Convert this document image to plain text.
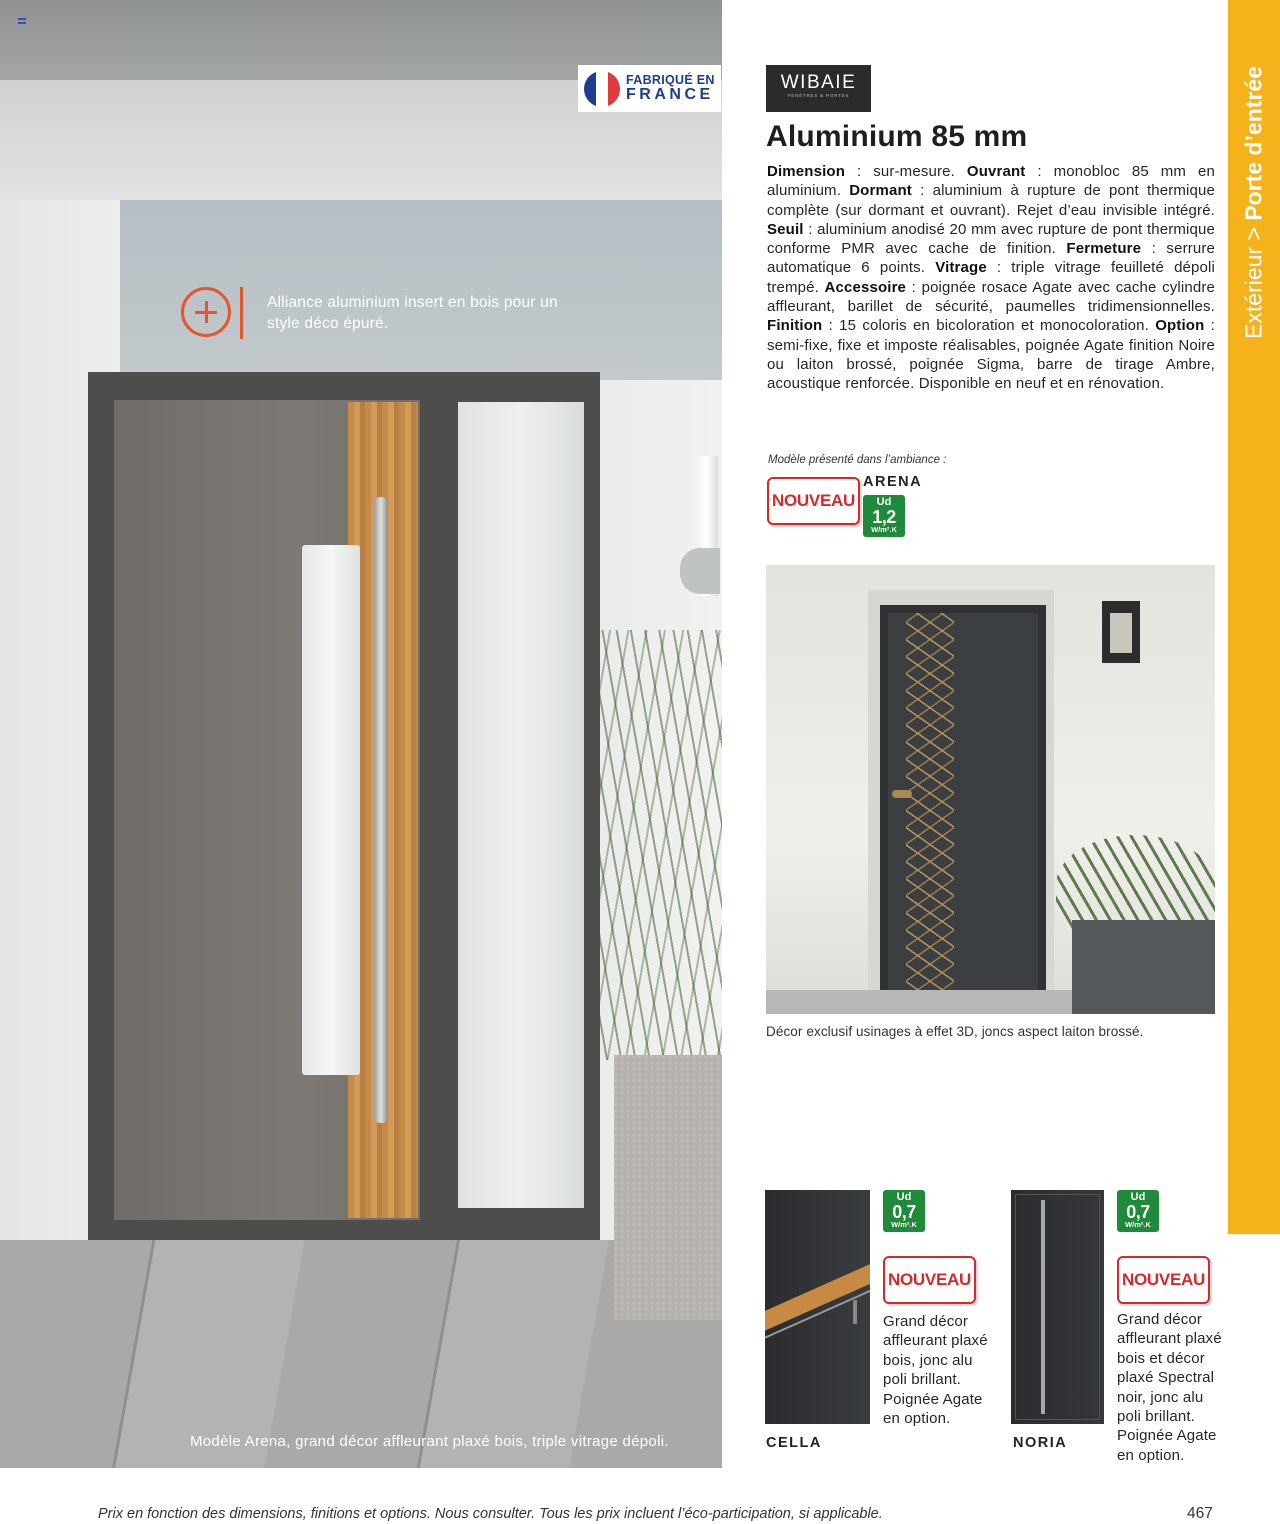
FABRIQUÉ EN
FRANCE
Alliance aluminium insert en bois pour un style déco épuré.
Modèle Arena, grand décor affleurant plaxé bois, triple vitrage dépoli.
WIBAIE
FENÊTRES & PORTES
Aluminium 85 mm
Dimension : sur-mesure. Ouvrant : monobloc 85 mm en aluminium. Dormant : aluminium à rupture de pont thermique complète (sur dormant et ouvrant). Rejet d’eau invisible intégré. Seuil : aluminium anodisé 20 mm avec rupture de pont thermique conforme PMR avec cache de finition. Fermeture : serrure automatique 6 points. Vitrage : triple vitrage feuilleté dépoli trempé. Accessoire : poignée rosace Agate avec cache cylindre affleurant, barillet de sécurité, paumelles tridimensionnelles. Finition : 15 coloris en bicoloration et monocoloration. Option : semi-fixe, fixe et imposte réalisables, poignée Agate finition Noire ou laiton brossé, poignée Sigma, barre de tirage Ambre, acoustique renforcée. Disponible en neuf et en rénovation.
Modèle présenté dans l’ambiance :
NOUVEAU
ARENA
Ud
1,2
W/m².K
Décor exclusif usinages à effet 3D, joncs aspect laiton brossé.
Extérieur > Porte d’entrée
Ud
0,7
W/m².K
NOUVEAU
Grand décor
affleurant plaxé
bois, jonc alu
poli brillant.
Poignée Agate
en option.
CELLA
Ud
0,7
W/m².K
NOUVEAU
Grand décor
affleurant plaxé
bois et décor
plaxé Spectral
noir, jonc alu
poli brillant.
Poignée Agate
en option.
NORIA
Prix en fonction des dimensions, finitions et options. Nous consulter. Tous les prix incluent l’éco-participation, si applicable.	467
